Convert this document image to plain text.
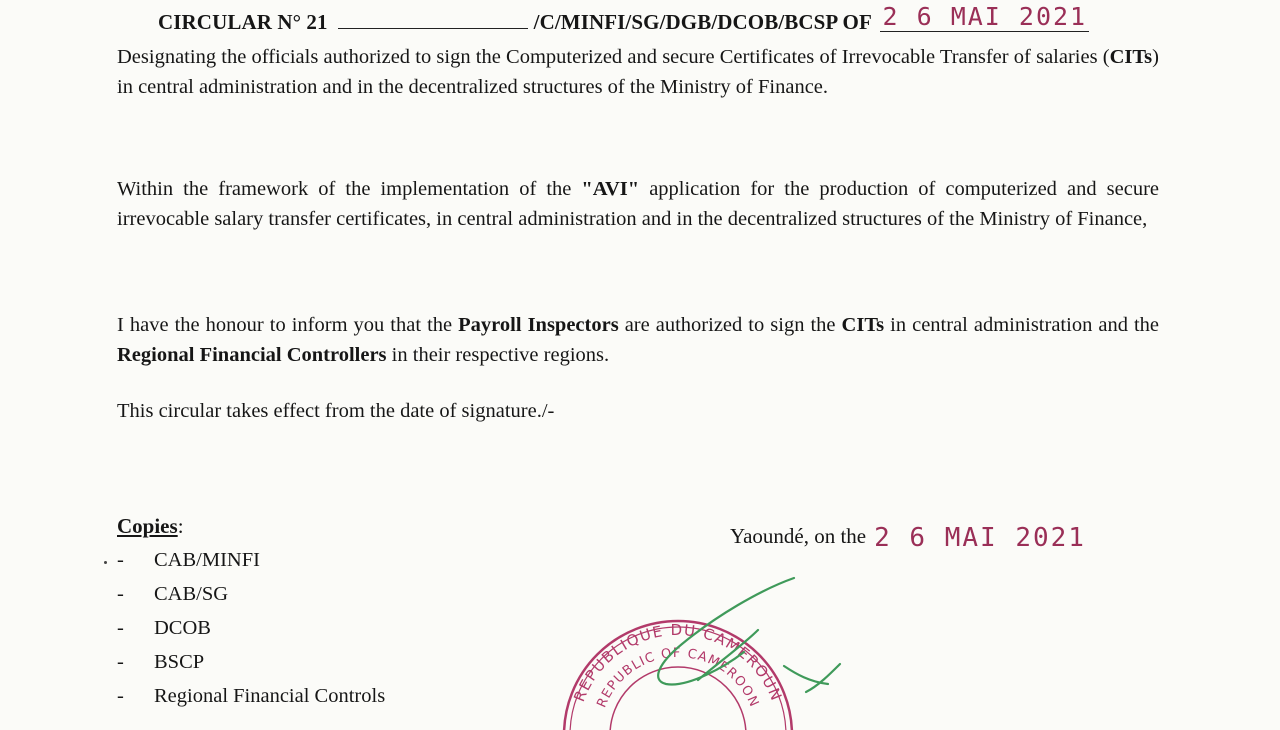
CIRCULAR N° 21	/C/MINFI/SG/DGB/DCOB/BCSP OF 2 6 MAI 2021

Designating the officials authorized to sign the Computerized and secure Certificates of Irrevocable Transfer of salaries (CITs) in central administration and in the decentralized structures of the Ministry of Finance.

Within the framework of the implementation of the "AVI" application for the production of computerized and secure irrevocable salary transfer certificates, in central administration and in the decentralized structures of the Ministry of Finance,

I have the honour to inform you that the Payroll Inspectors are authorized to sign the CITs in central administration and the Regional Financial Controllers in their respective regions.

This circular takes effect from the date of signature./-

Copies:
-	CAB/MINFI
-	CAB/SG
-	DCOB
-	BSCP
-	Regional Financial Controls
Yaoundé, on the 2 6 MAI 2021
REPUBLIQUE DU CAMEROUN
REPUBLIC OF CAMEROON
